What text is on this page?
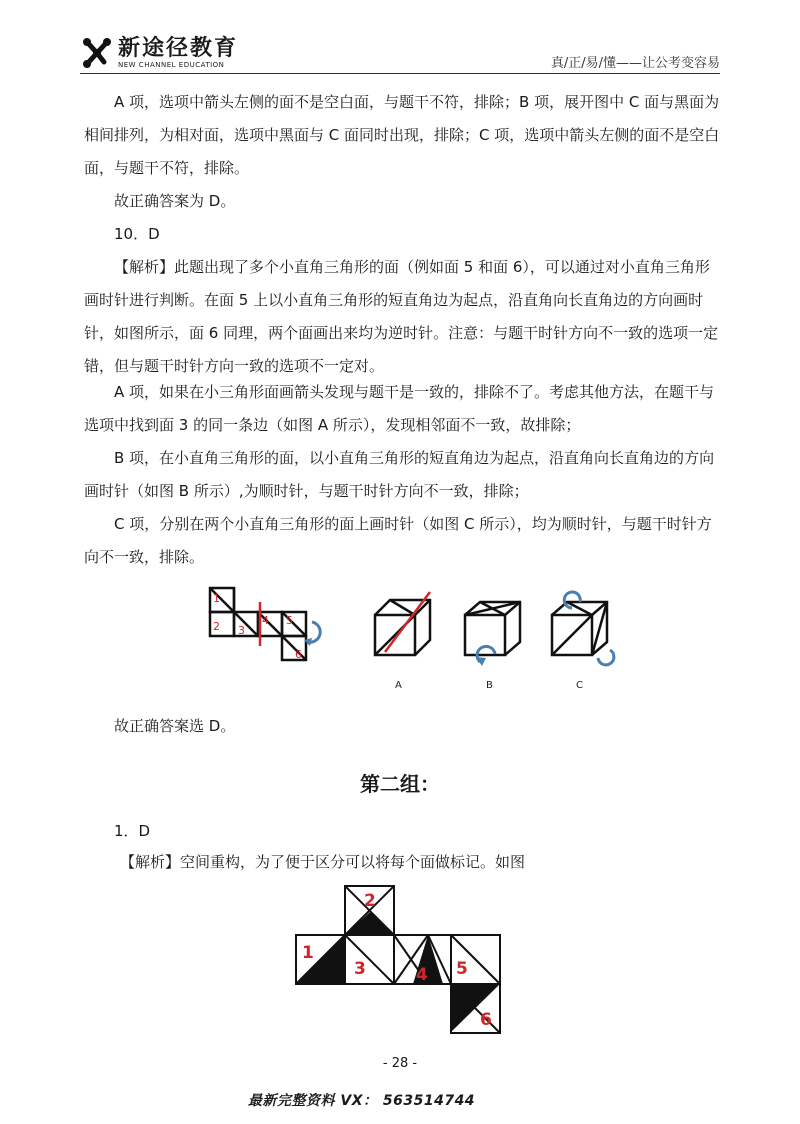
新途径教育
NEW CHANNEL EDUCATION	真/正/易/懂——让公考变容易

A 项，选项中箭头左侧的面不是空白面，与题干不符，排除；B 项，展开图中 C 面与黑面为相间排列，为相对面，选项中黑面与 C 面同时出现，排除；C 项，选项中箭头左侧的面不是空白面，与题干不符，排除。

故正确答案为 D。

10．D

【解析】此题出现了多个小直角三角形的面（例如面 5 和面 6），可以通过对小直角三角形画时针进行判断。在面 5 上以小直角三角形的短直角边为起点，沿直角向长直角边的方向画时针，如图所示，面 6 同理，两个面画出来均为逆时针。注意：与题干时针方向不一致的选项一定错，但与题干时针方向一致的选项不一定对。

A 项，如果在小三角形面画箭头发现与题干是一致的，排除不了。考虑其他方法，在题干与选项中找到面 3 的同一条边（如图 A 所示），发现相邻面不一致，故排除；

B 项，在小直角三角形的面，以小直角三角形的短直角边为起点，沿直角向长直角边的方向画时针（如图 B 所示）,为顺时针，与题干时针方向不一致，排除；

C 项，分别在两个小直角三角形的面上画时针（如图 C 所示），均为顺时针，与题干时针方向不一致，排除。

1
2 3
4 5
6
A	B	C

故正确答案选 D。

第二组：

1．D

【解析】空间重构，为了便于区分可以将每个面做标记。如图

1
2
3	4 5
6
- 28 -
最新完整资料 VX： 563514744
